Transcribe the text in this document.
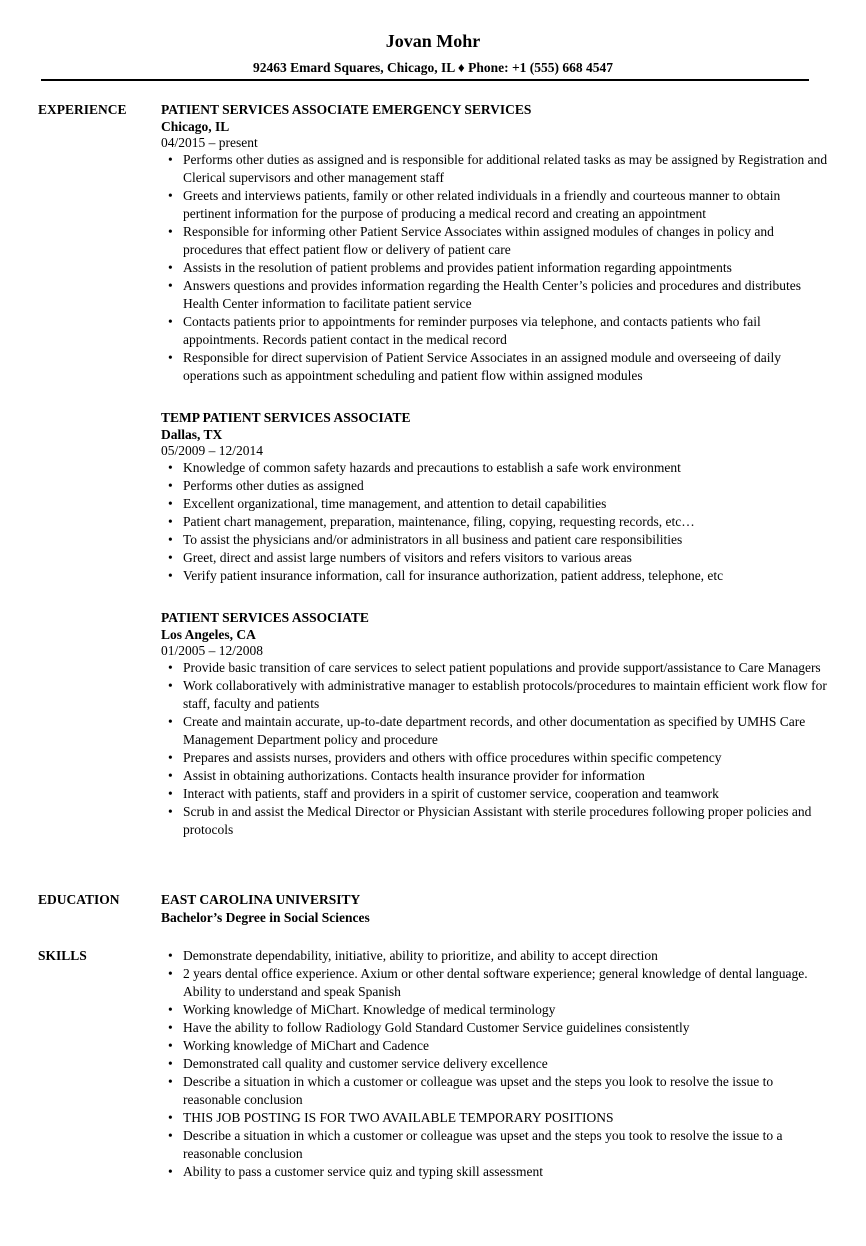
Jovan Mohr
92463 Emard Squares, Chicago, IL ♦ Phone: +1 (555) 668 4547
EXPERIENCE	PATIENT SERVICES ASSOCIATE EMERGENCY SERVICES
Chicago, IL
04/2015 – present
• Performs other duties as assigned and is responsible for additional related tasks as may be assigned by Registration and Clerical supervisors and other management staff
• Greets and interviews patients, family or other related individuals in a friendly and courteous manner to obtain pertinent information for the purpose of producing a medical record and creating an appointment
• Responsible for informing other Patient Service Associates within assigned modules of changes in policy and procedures that effect patient flow or delivery of patient care
• Assists in the resolution of patient problems and provides patient information regarding appointments
• Answers questions and provides information regarding the Health Center’s policies and procedures and distributes Health Center information to facilitate patient service
• Contacts patients prior to appointments for reminder purposes via telephone, and contacts patients who fail appointments. Records patient contact in the medical record
• Responsible for direct supervision of Patient Service Associates in an assigned module and overseeing of daily operations such as appointment scheduling and patient flow within assigned modules
TEMP PATIENT SERVICES ASSOCIATE
Dallas, TX
05/2009 – 12/2014
• Knowledge of common safety hazards and precautions to establish a safe work environment
• Performs other duties as assigned
• Excellent organizational, time management, and attention to detail capabilities
• Patient chart management, preparation, maintenance, filing, copying, requesting records, etc…
• To assist the physicians and/or administrators in all business and patient care responsibilities
• Greet, direct and assist large numbers of visitors and refers visitors to various areas
• Verify patient insurance information, call for insurance authorization, patient address, telephone, etc
PATIENT SERVICES ASSOCIATE
Los Angeles, CA
01/2005 – 12/2008
• Provide basic transition of care services to select patient populations and provide support/assistance to Care Managers
• Work collaboratively with administrative manager to establish protocols/procedures to maintain efficient work flow for staff, faculty and patients
• Create and maintain accurate, up-to-date department records, and other documentation as specified by UMHS Care Management Department policy and procedure
• Prepares and assists nurses, providers and others with office procedures within specific competency
• Assist in obtaining authorizations. Contacts health insurance provider for information
• Interact with patients, staff and providers in a spirit of customer service, cooperation and teamwork
• Scrub in and assist the Medical Director or Physician Assistant with sterile procedures following proper policies and protocols
EDUCATION	EAST CAROLINA UNIVERSITY
Bachelor’s Degree in Social Sciences
SKILLS
•	Demonstrate dependability, initiative, ability to prioritize, and ability to accept direction
• 2 years dental office experience. Axium or other dental software experience; general knowledge of dental language. Ability to understand and speak Spanish
• Working knowledge of MiChart. Knowledge of medical terminology
• Have the ability to follow Radiology Gold Standard Customer Service guidelines consistently
• Working knowledge of MiChart and Cadence
• Demonstrated call quality and customer service delivery excellence
• Describe a situation in which a customer or colleague was upset and the steps you look to resolve the issue to reasonable conclusion
• THIS JOB POSTING IS FOR TWO AVAILABLE TEMPORARY POSITIONS
• Describe a situation in which a customer or colleague was upset and the steps you took to resolve the issue to a reasonable conclusion
• Ability to pass a customer service quiz and typing skill assessment
